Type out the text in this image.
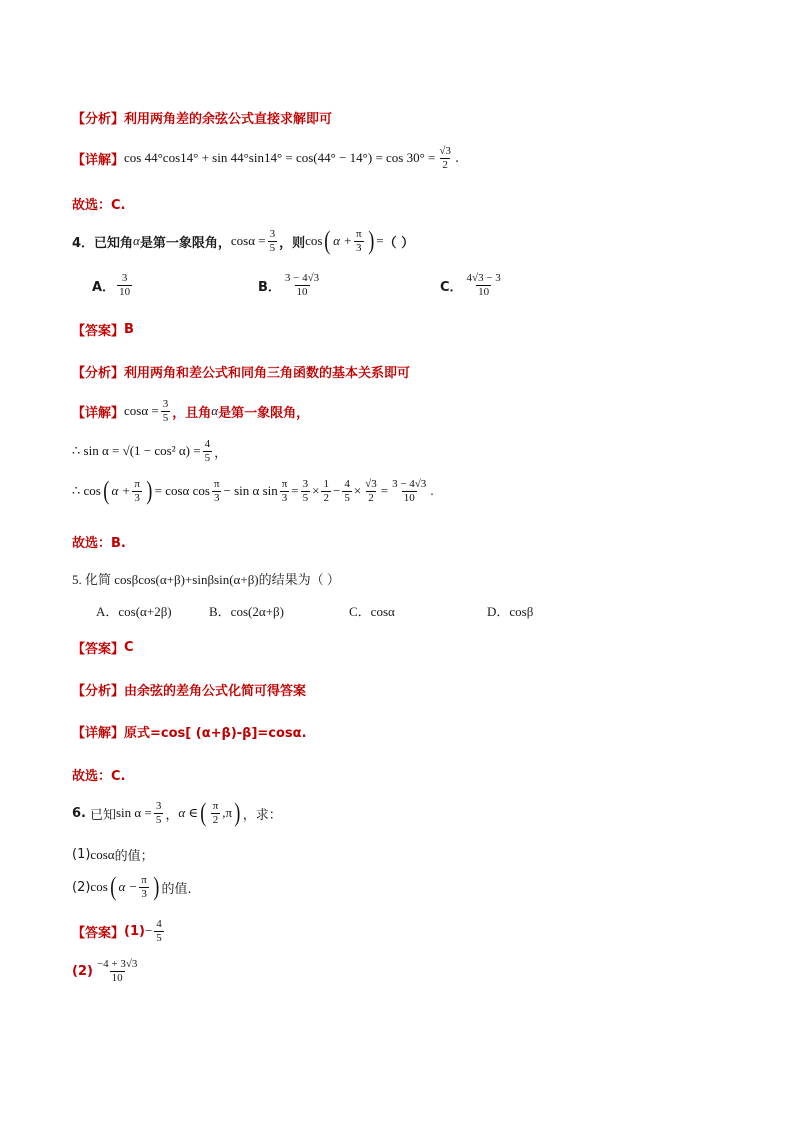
【分析】 利用两角差的余弦公式直接求解即可
【详解】 $\cos 44^\circ\cos 14^\circ + \sin 44^\circ\sin 14^\circ = \cos(44^\circ - 14^\circ) = \cos 30^\circ = \frac{√3}{2}$ .
故选：C.
4．已知角 α 是第一象限角， $\cos\alpha = \frac{3}{5}$ ，则 cos ( $\alpha + \frac{\pi}{3}$ ) = （ ）
A． $\frac{3}{10}$	B． $\frac{3 - 4√3}{10}$	C． $\frac{4√3 - 3}{10}$
【答案】 B
【分析】 利用两角和差公式和同角三角函数的基本关系即可
【详解】 $\cos\alpha = \frac{3}{5}$ ，且角 α 是第一象限角，
∴ sin α = √(1 − cos² $\alpha) = \frac{4}{5}$ ，
∴ cos ( $\alpha + \frac{\pi}{3}$ ) = cosα $\cos \frac{\pi}{3} - \sin \alpha$ $\sin \frac{\pi}{3} = \frac{3}{5} \times \frac{1}{2} - \frac{4}{5} \times \frac{√3}{2} = \frac{3 - 4√3}{10}$ .
故选：B.
5. 化简 cosβcos(α+β)+sinβsin(α+β)的结果为（ ）
A．cos(α+2β)	B．cos(2α+β)	C．cosα	D．cosβ
【答案】 C
【分析】 由余弦的差角公式化简可得答案
【详解】 原式=cos[ (α+β)-β]=cosα.
故选：C.
6. 已知 $\sin \alpha = \frac{3}{5}$ ， α ∈ ( $\frac{\pi}{2} ,\pi$ ) ，求：
(1) cosα 的值；
(2) cos ( $\alpha - \frac{\pi}{3}$ ) 的值.
【答案】 $(1) - \frac{4}{5}$
$(2) \frac{-4 + 3√3}{10}$
